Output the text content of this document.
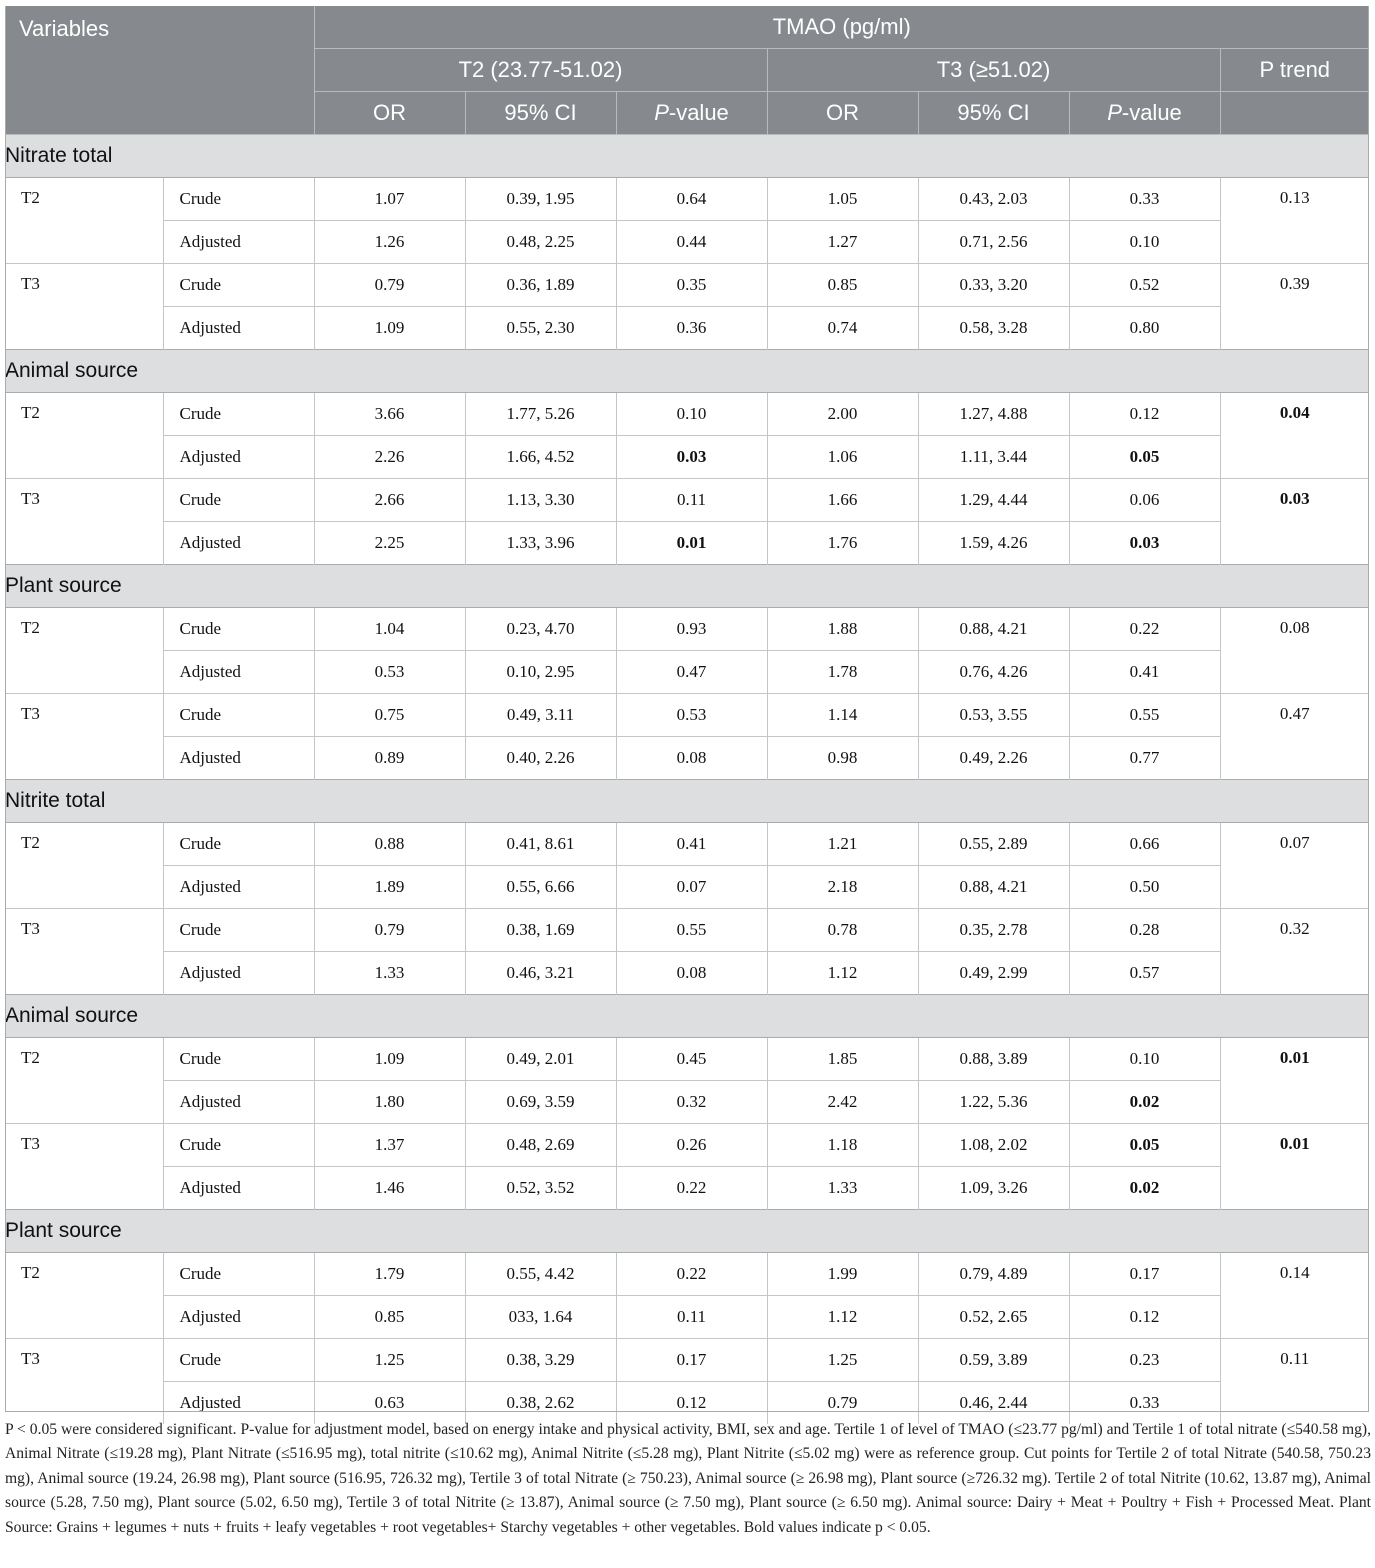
Variables		TMAO (pg/ml)						
		T2 (23.77-51.02)			T3 (≥51.02)			P trend
		OR	95% CI	P-value	OR	95% CI	P-value	
Nitrate total								
T2	Crude	1.07	0.39, 1.95	0.64	1.05	0.43, 2.03	0.33	0.13
	Adjusted	1.26	0.48, 2.25	0.44	1.27	0.71, 2.56	0.10	
T3	Crude	0.79	0.36, 1.89	0.35	0.85	0.33, 3.20	0.52	0.39
	Adjusted	1.09	0.55, 2.30	0.36	0.74	0.58, 3.28	0.80	
Animal source								
T2	Crude	3.66	1.77, 5.26	0.10	2.00	1.27, 4.88	0.12	0.04
	Adjusted	2.26	1.66, 4.52	0.03	1.06	1.11, 3.44	0.05	
T3	Crude	2.66	1.13, 3.30	0.11	1.66	1.29, 4.44	0.06	0.03
	Adjusted	2.25	1.33, 3.96	0.01	1.76	1.59, 4.26	0.03	
Plant source								
T2	Crude	1.04	0.23, 4.70	0.93	1.88	0.88, 4.21	0.22	0.08
	Adjusted	0.53	0.10, 2.95	0.47	1.78	0.76, 4.26	0.41	
T3	Crude	0.75	0.49, 3.11	0.53	1.14	0.53, 3.55	0.55	0.47
	Adjusted	0.89	0.40, 2.26	0.08	0.98	0.49, 2.26	0.77	
Nitrite total								
T2	Crude	0.88	0.41, 8.61	0.41	1.21	0.55, 2.89	0.66	0.07
	Adjusted	1.89	0.55, 6.66	0.07	2.18	0.88, 4.21	0.50	
T3	Crude	0.79	0.38, 1.69	0.55	0.78	0.35, 2.78	0.28	0.32
	Adjusted	1.33	0.46, 3.21	0.08	1.12	0.49, 2.99	0.57	
Animal source								
T2	Crude	1.09	0.49, 2.01	0.45	1.85	0.88, 3.89	0.10	0.01
	Adjusted	1.80	0.69, 3.59	0.32	2.42	1.22, 5.36	0.02	
T3	Crude	1.37	0.48, 2.69	0.26	1.18	1.08, 2.02	0.05	0.01
	Adjusted	1.46	0.52, 3.52	0.22	1.33	1.09, 3.26	0.02	
Plant source								
T2	Crude	1.79	0.55, 4.42	0.22	1.99	0.79, 4.89	0.17	0.14
	Adjusted	0.85	033, 1.64	0.11	1.12	0.52, 2.65	0.12	
T3	Crude	1.25	0.38, 3.29	0.17	1.25	0.59, 3.89	0.23	0.11
	Adjusted	0.63	0.38, 2.62	0.12	0.79	0.46, 2.44	0.33	

P < 0.05 were considered significant. P-value for adjustment model, based on energy intake and physical activity, BMI, sex and age. Tertile 1 of level of TMAO (≤23.77 pg/ml) and Tertile 1 of total nitrate (≤540.58 mg), Animal Nitrate (≤19.28 mg), Plant Nitrate (≤516.95 mg), total nitrite (≤10.62 mg), Animal Nitrite (≤5.28 mg), Plant Nitrite (≤5.02 mg) were as reference group. Cut points for Tertile 2 of total Nitrate (540.58, 750.23 mg), Animal source (19.24, 26.98 mg), Plant source (516.95, 726.32 mg), Tertile 3 of total Nitrate (≥ 750.23), Animal source (≥ 26.98 mg), Plant source (≥726.32 mg). Tertile 2 of total Nitrite (10.62, 13.87 mg), Animal source (5.28, 7.50 mg), Plant source (5.02, 6.50 mg), Tertile 3 of total Nitrite (≥ 13.87), Animal source (≥ 7.50 mg), Plant source (≥ 6.50 mg). Animal source: Dairy + Meat + Poultry + Fish + Processed Meat. Plant Source: Grains + legumes + nuts + fruits + leafy vegetables + root vegetables+ Starchy vegetables + other vegetables. Bold values indicate p < 0.05.
